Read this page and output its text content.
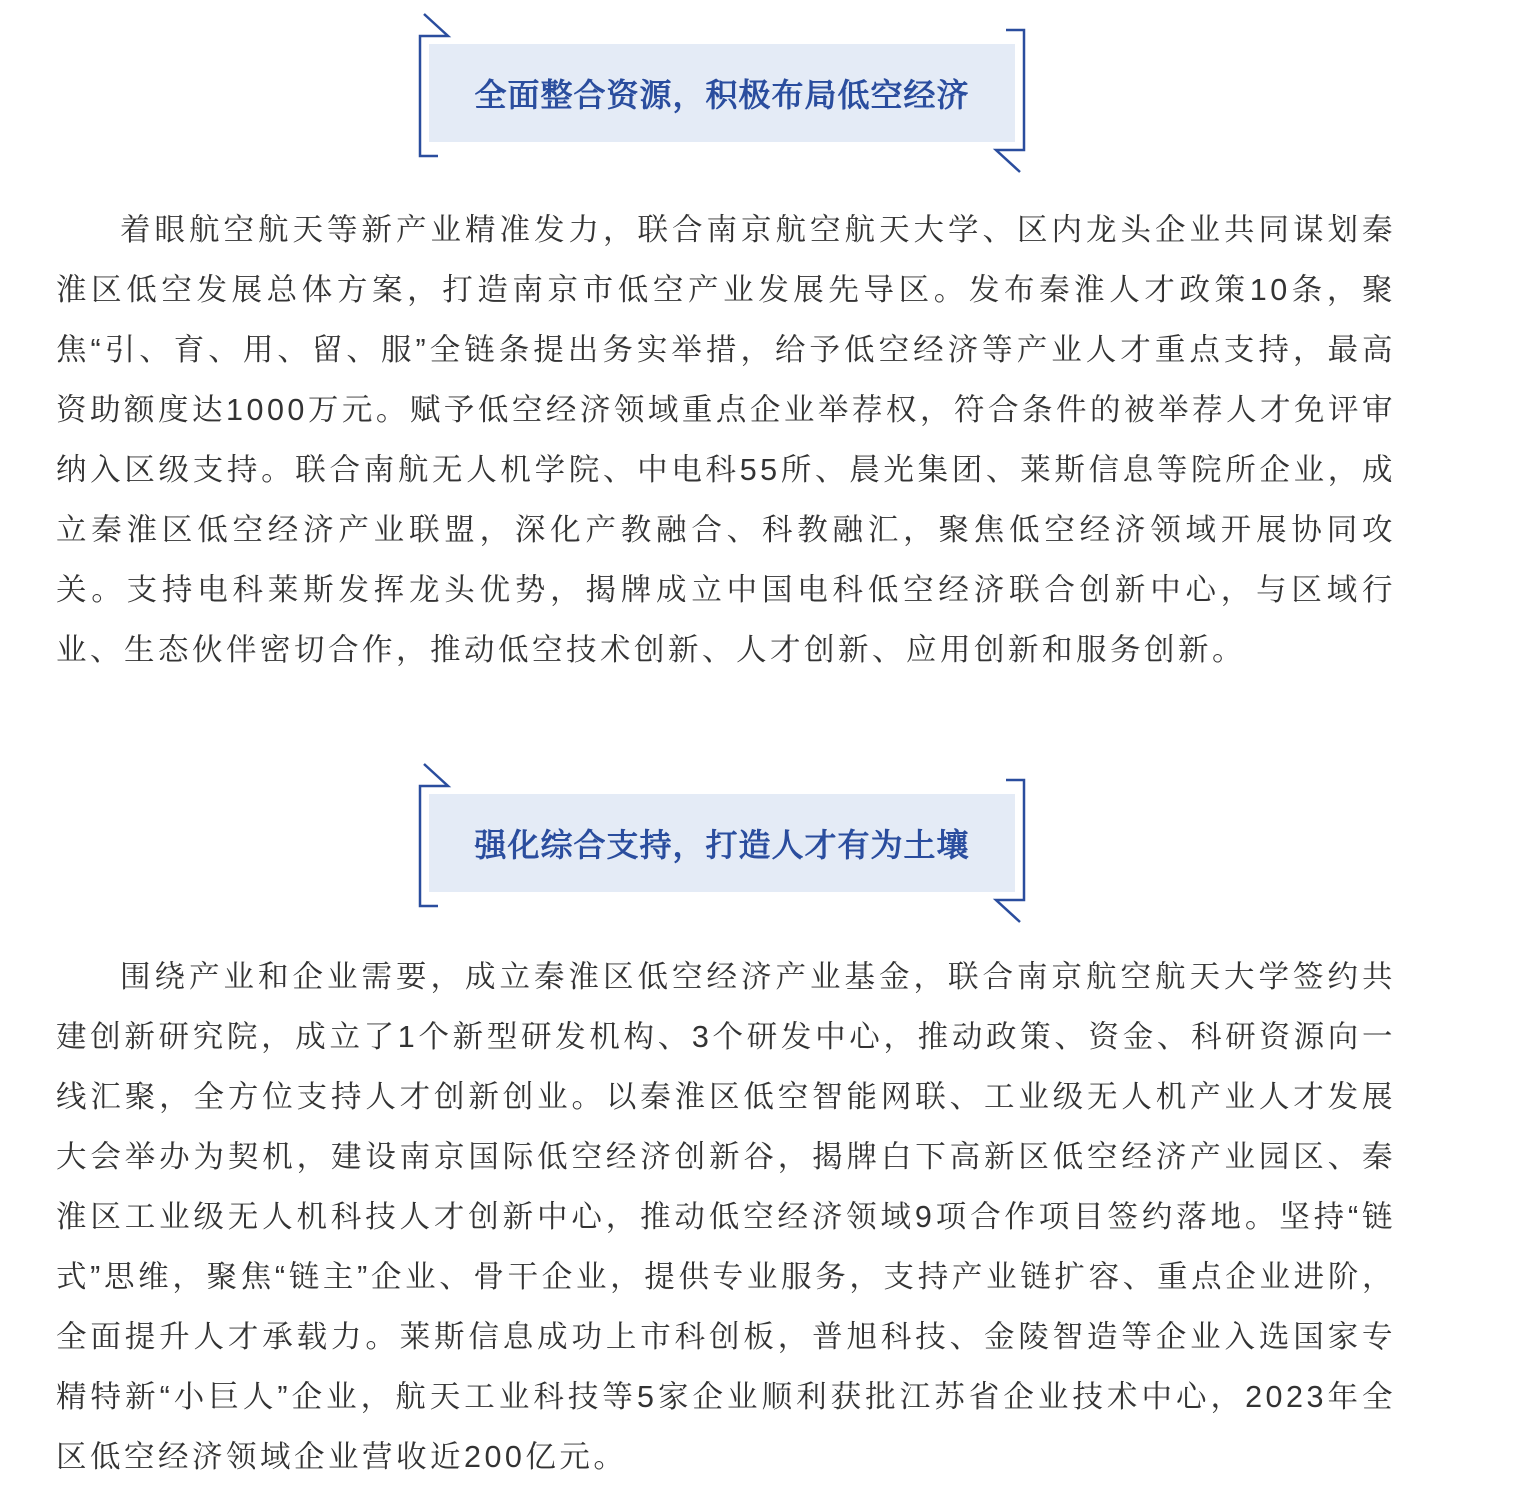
全面整合资源，积极布局低空经济

着眼航空航天等新产业精准发力，联合南京航空航天大学、区内龙头企业共同谋划秦淮区低空发展总体方案，打造南京市低空产业发展先导区。发布秦淮人才政策10条，聚焦“引、育、用、留、服”全链条提出务实举措，给予低空经济等产业人才重点支持，最高资助额度达1000万元。赋予低空经济领域重点企业举荐权，符合条件的被举荐人才免评审纳入区级支持。联合南航无人机学院、中电科55所、晨光集团、莱斯信息等院所企业，成立秦淮区低空经济产业联盟，深化产教融合、科教融汇，聚焦低空经济领域开展协同攻关。支持电科莱斯发挥龙头优势，揭牌成立中国电科低空经济联合创新中心，与区域行业、生态伙伴密切合作，推动低空技术创新、人才创新、应用创新和服务创新。

强化综合支持，打造人才有为土壤

围绕产业和企业需要，成立秦淮区低空经济产业基金，联合南京航空航天大学签约共建创新研究院，成立了1个新型研发机构、3个研发中心，推动政策、资金、科研资源向一线汇聚，全方位支持人才创新创业。以秦淮区低空智能网联、工业级无人机产业人才发展大会举办为契机，建设南京国际低空经济创新谷，揭牌白下高新区低空经济产业园区、秦淮区工业级无人机科技人才创新中心，推动低空经济领域9项合作项目签约落地。坚持“链式”思维，聚焦“链主”企业、骨干企业，提供专业服务，支持产业链扩容、重点企业进阶，全面提升人才承载力。莱斯信息成功上市科创板，普旭科技、金陵智造等企业入选国家专精特新“小巨人”企业，航天工业科技等5家企业顺利获批江苏省企业技术中心，2023年全区低空经济领域企业营收近200亿元。
